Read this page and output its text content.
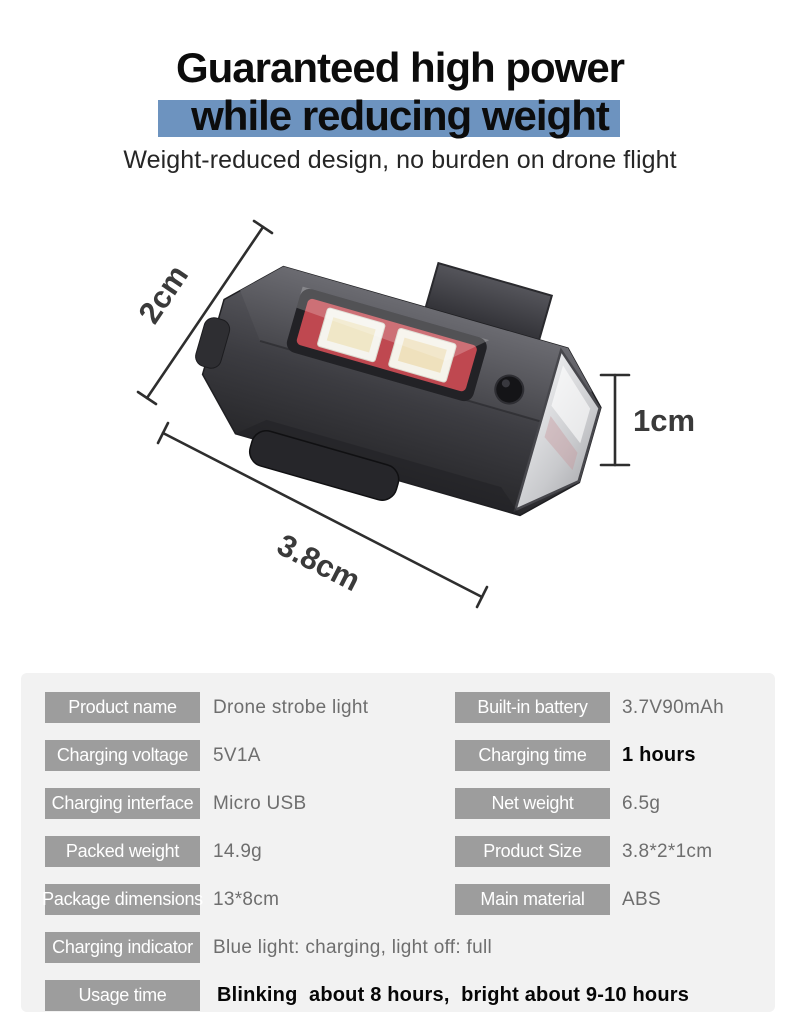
Guaranteed high power
while reducing weight
Weight-reduced design, no burden on drone flight
2cm
3.8cm
1cm
Product name	Drone strobe light	Built-in battery	3.7V90mAh
Charging voltage	5V1A	Charging time	1 hours
Charging interface	Micro USB	Net weight	6.5g
Packed weight	14.9g	Product Size	3.8*2*1cm
Package dimensions 13*8cm	Main material	ABS
Charging indicator	Blue light: charging, light off: full
Usage time	Blinking  about 8 hours,  bright about 9-10 hours
